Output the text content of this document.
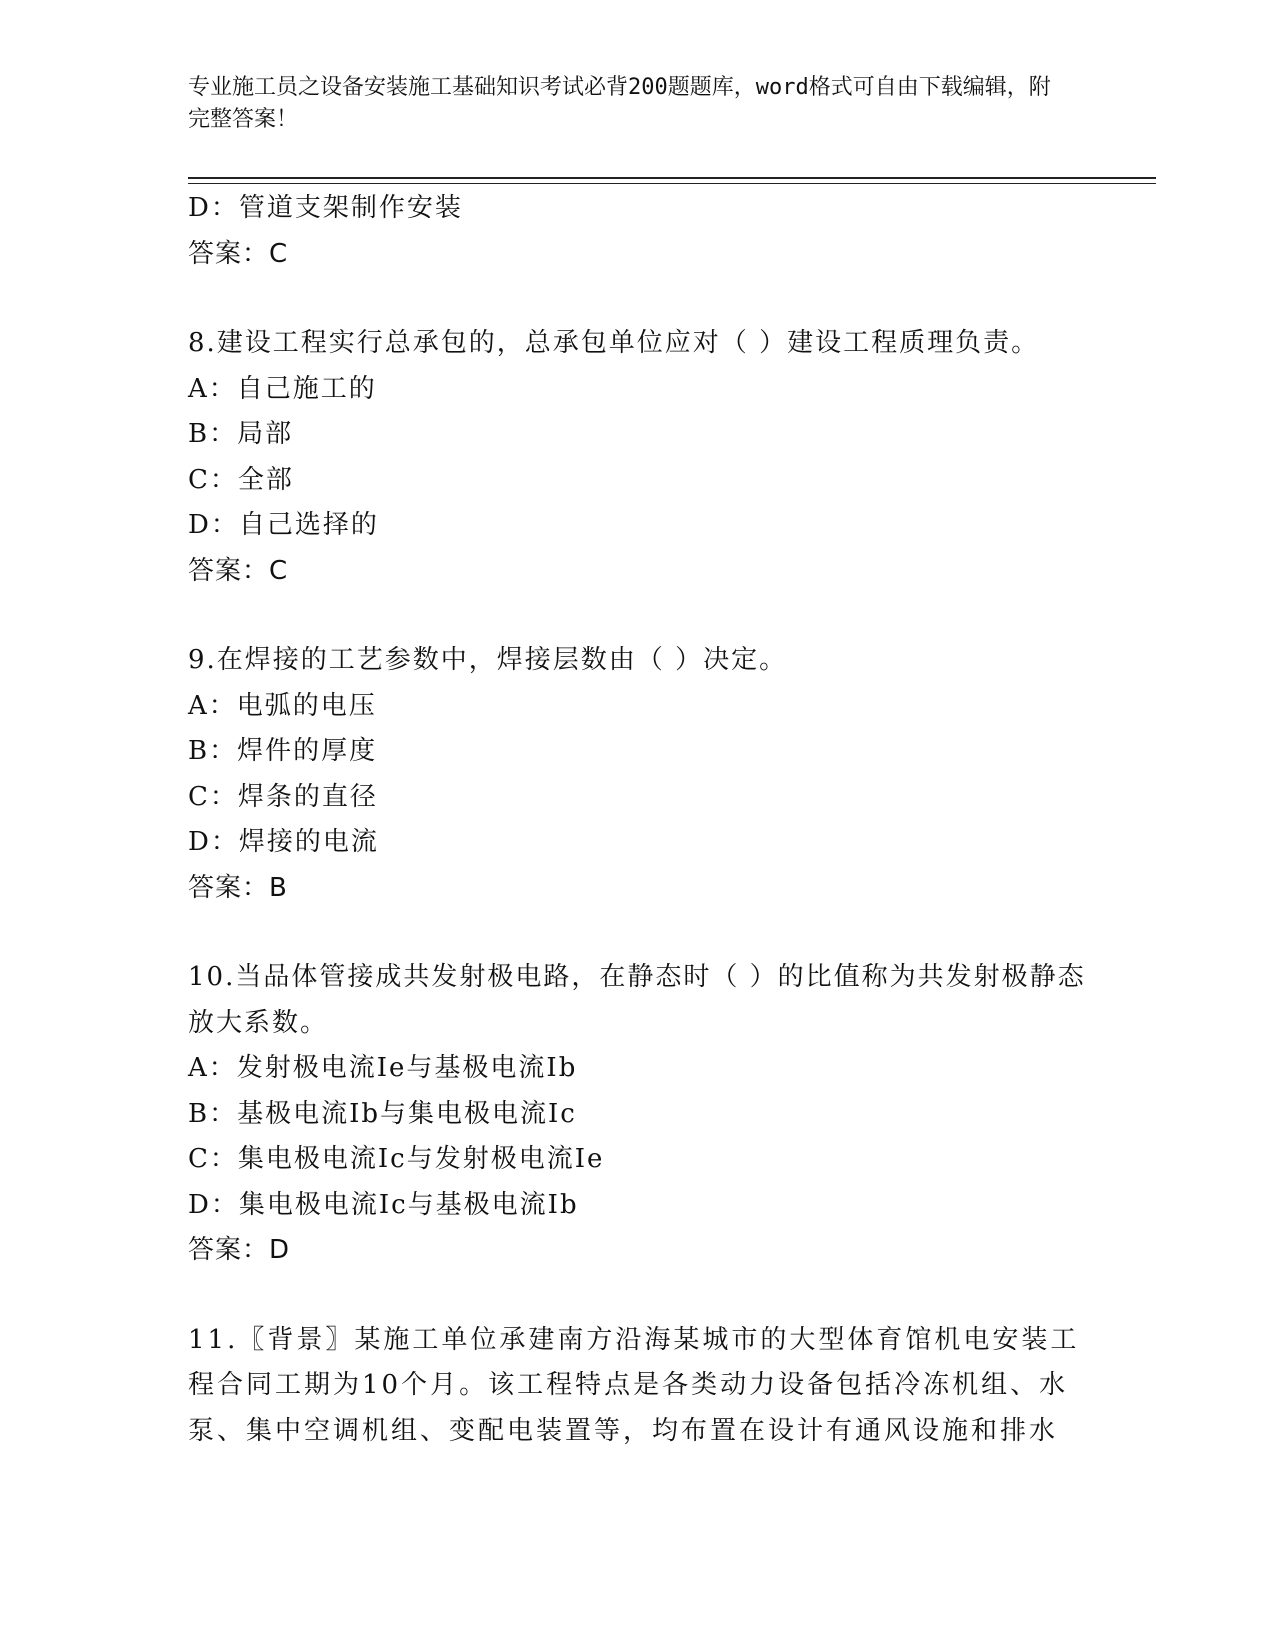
专业施工员之设备安装施工基础知识考试必背200题题库，word格式可自由下载编辑，附完整答案！
D：管道支架制作安装
答案：C
8.建设工程实行总承包的，总承包单位应对（ ）建设工程质理负责。
A：自己施工的
B：局部
C：全部
D：自己选择的
答案：C
9.在焊接的工艺参数中，焊接层数由（ ）决定。
A：电弧的电压
B：焊件的厚度
C：焊条的直径
D：焊接的电流
答案：B
10.当品体管接成共发射极电路，在静态时（ ）的比值称为共发射极静态放大系数。
A：发射极电流Ie与基极电流Ib
B：基极电流Ib与集电极电流Ic
C：集电极电流Ic与发射极电流Ie
D：集电极电流Ic与基极电流Ib
答案：D
11.〖背景〗某施工单位承建南方沿海某城市的大型体育馆机电安装工程合同工期为10个月。该工程特点是各类动力设备包括冷冻机组、水泵、集中空调机组、变配电装置等，均布置在设计有通风设施和排水
